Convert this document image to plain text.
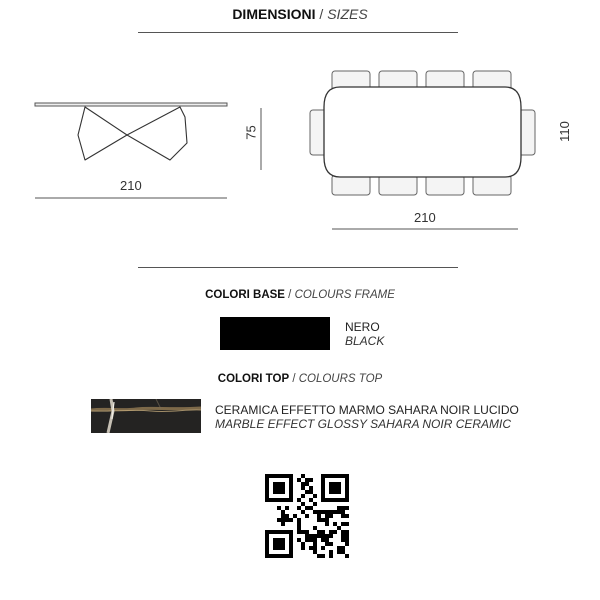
DIMENSIONI / SIZES
210
75	110
210
COLORI BASE / COLOURS FRAME
NERO
BLACK
COLORI TOP / COLOURS TOP
CERAMICA EFFETTO MARMO SAHARA NOIR LUCIDO
MARBLE EFFECT GLOSSY SAHARA NOIR CERAMIC
